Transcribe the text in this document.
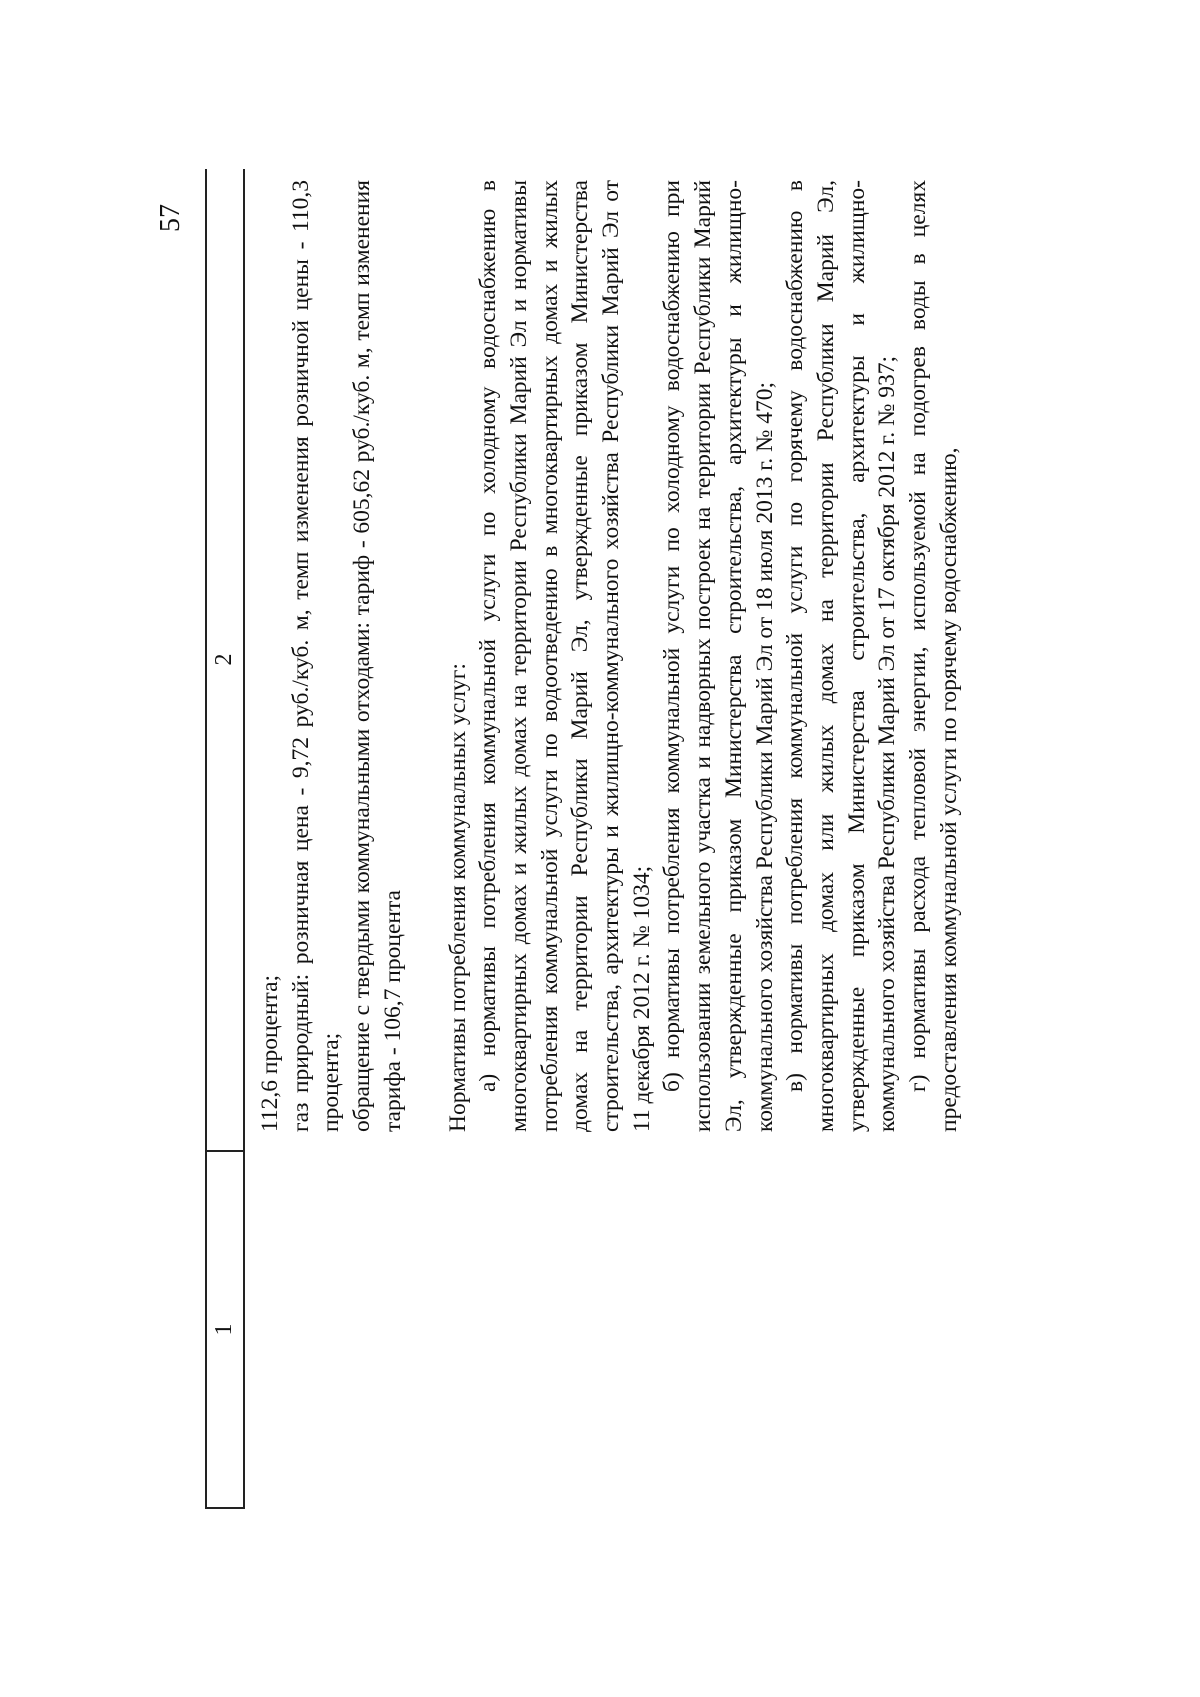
57
1
2

112,6 процента; газ природный: розничная цена - 9,72 руб./куб. м, темп изменения розничной цены - 110,3 процента; обращение с твердыми коммунальными отходами: тариф - 605,62 руб./куб. м, темп изменения тарифа - 106,7 процента Нормативы потребления коммунальных услуг: а) нормативы потребления коммунальной услуги по холодному водоснабжению в многоквартирных домах и жилых домах на территории Республики Марий Эл и нормативы потребления коммунальной услуги по водоотведению в многоквартирных домах и жилых домах на территории Республики Марий Эл, утвержденные приказом Министерства строительства, архитектуры и жилищно-коммунального хозяйства Республики Марий Эл от 11 декабря 2012 г. № 1034; б) нормативы потребления коммунальной услуги по холодному водоснабжению при использовании земельного участка и надворных построек на территории Республики Марий Эл, утвержденные приказом Министерства строительства, архитектуры и жилищно-коммунального хозяйства Республики Марий Эл от 18 июля 2013 г. № 470; в) нормативы потребления коммунальной услуги по горячему водоснабжению в многоквартирных домах или жилых домах на территории Республики Марий Эл, утвержденные приказом Министерства строительства, архитектуры и жилищно-коммунального хозяйства Республики Марий Эл от 17 октября 2012 г. № 937; г) нормативы расхода тепловой энергии, используемой на подогрев воды в целях предоставления коммунальной услуги по горячему водоснабжению,
